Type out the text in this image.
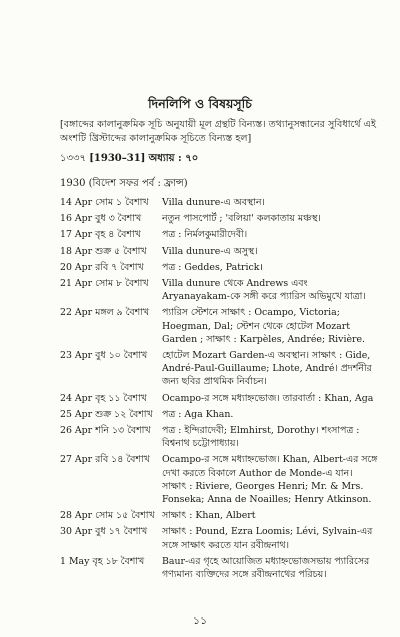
দিনলিপি ও বিষয়সূচি
[বঙ্গাব্দের কালানুক্রমিক সূচি অনুযায়ী মূল গ্রন্থটি বিন্যস্ত। তথ্যানুসন্ধানের সুবিধার্থে এই অংশটি খ্রিস্টাব্দের কালানুক্রমিক সূচিতে বিন্যস্ত হল]
১৩৩৭ [1930–31] অধ্যায় : ৭০
1930 (বিদেশ সফর পর্ব : ফ্রান্স)
14 Apr সোম ১ বৈশাখ	Villa dunure-এ অবস্থান।
16 Apr বুধ ৩ বৈশাখ	নতুন পাসপোর্ট ; 'বলিয়া' কলকাতায় মঞ্চস্থ।
17 Apr বৃহ ৪ বৈশাখ	পত্র : নির্মলকুমারীদেবী।
18 Apr শুক্র ৫ বৈশাখ	Villa dunure-এ অসুস্থ।
20 Apr রবি ৭ বৈশাখ	পত্র : Geddes, Patrick।
21 Apr সোম ৮ বৈশাখ	Villa dunure থেকে Andrews এবং Aryanayakam-কে সঙ্গী করে প্যারিস অভিমুখে যাত্রা।
22 Apr মঙ্গল ৯ বৈশাখ	প্যারিস স্টেশনে সাক্ষাৎ : Ocampo, Victoria; Hoegman, Dal; স্টেশন থেকে হোটেল Mozart Garden ; সাক্ষাৎ : Karpèles, Andrée; Rivière.
23 Apr বুধ ১০ বৈশাখ	হোটেল Mozart Garden-এ অবস্থান। সাক্ষাৎ : Gide, André-Paul-Guillaume; Lhote, André। প্রদর্শনীর জন্য ছবির প্রাথমিক নির্বাচন।
24 Apr বৃহ ১১ বৈশাখ	Ocampo-র সঙ্গে মধ্যাহ্নভোজ। তারবার্তা : Khan, Aga
25 Apr শুক্র ১২ বৈশাখ পত্র : Aga Khan.
26 Apr শনি ১৩ বৈশাখ	পত্র : ইন্দিরাদেবী; Elmhirst, Dorothy। শংসাপত্র : বিশ্বনাথ চট্টোপাধ্যায়।
27 Apr রবি ১৪ বৈশাখ	Ocampo-র সঙ্গে মধ্যাহ্নভোজ। Khan, Albert-এর সঙ্গে দেখা করতে বিকালে Author de Monde-এ যান। সাক্ষাৎ : Riviere, Georges Henri; Mr. & Mrs. Fonseka; Anna de Noailles; Henry Atkinson.
28 Apr সোম ১৫ বৈশাখ সাক্ষাৎ : Khan, Albert
30 Apr বুধ ১৭ বৈশাখ	সাক্ষাৎ : Pound, Ezra Loomis; Lévi, Sylvain-এর সঙ্গে সাক্ষাৎ করতে যান রবীন্দ্রনাথ।
1 May বৃহ ১৮ বৈশাখ	Baur-এর গৃহে আয়োজিত মধ্যাহ্নভোজসভায় প্যারিসের গণ্যমান্য ব্যক্তিদের সঙ্গে রবীন্দ্রনাথের পরিচয়।
১১
